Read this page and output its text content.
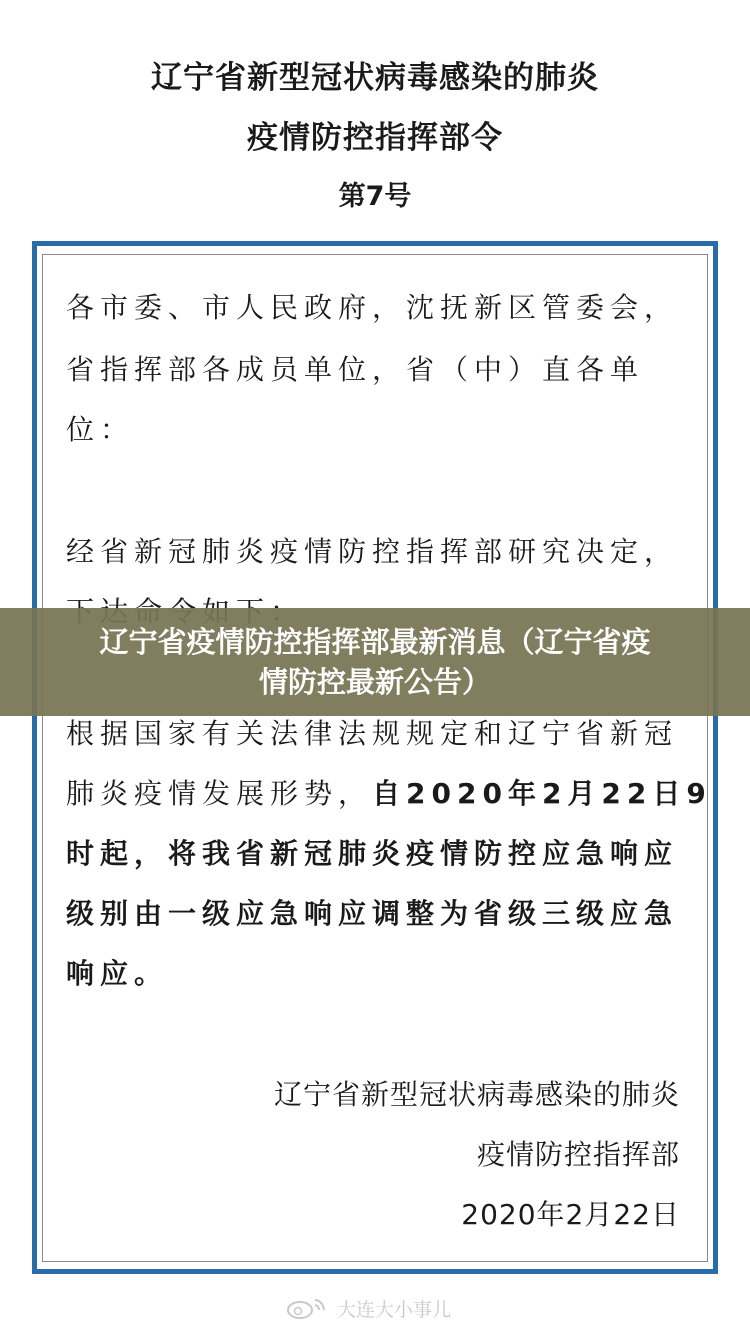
辽宁省新型冠状病毒感染的肺炎
疫情防控指挥部令
第7号
各市委、市人民政府，沈抚新区管委会，
省指挥部各成员单位，省（中）直各单
位：
经省新冠肺炎疫情防控指挥部研究决定，
根据国家有关法律法规规定和辽宁省新冠
肺炎疫情发展形势，自2020年2月22日9
时起，将我省新冠肺炎疫情防控应急响应
级别由一级应急响应调整为省级三级应急
响应。
辽宁省新型冠状病毒感染的肺炎
疫情防控指挥部
2020年2月22日
辽宁省疫情防控指挥部最新消息（辽宁省疫
情防控最新公告）
大连大小事儿
